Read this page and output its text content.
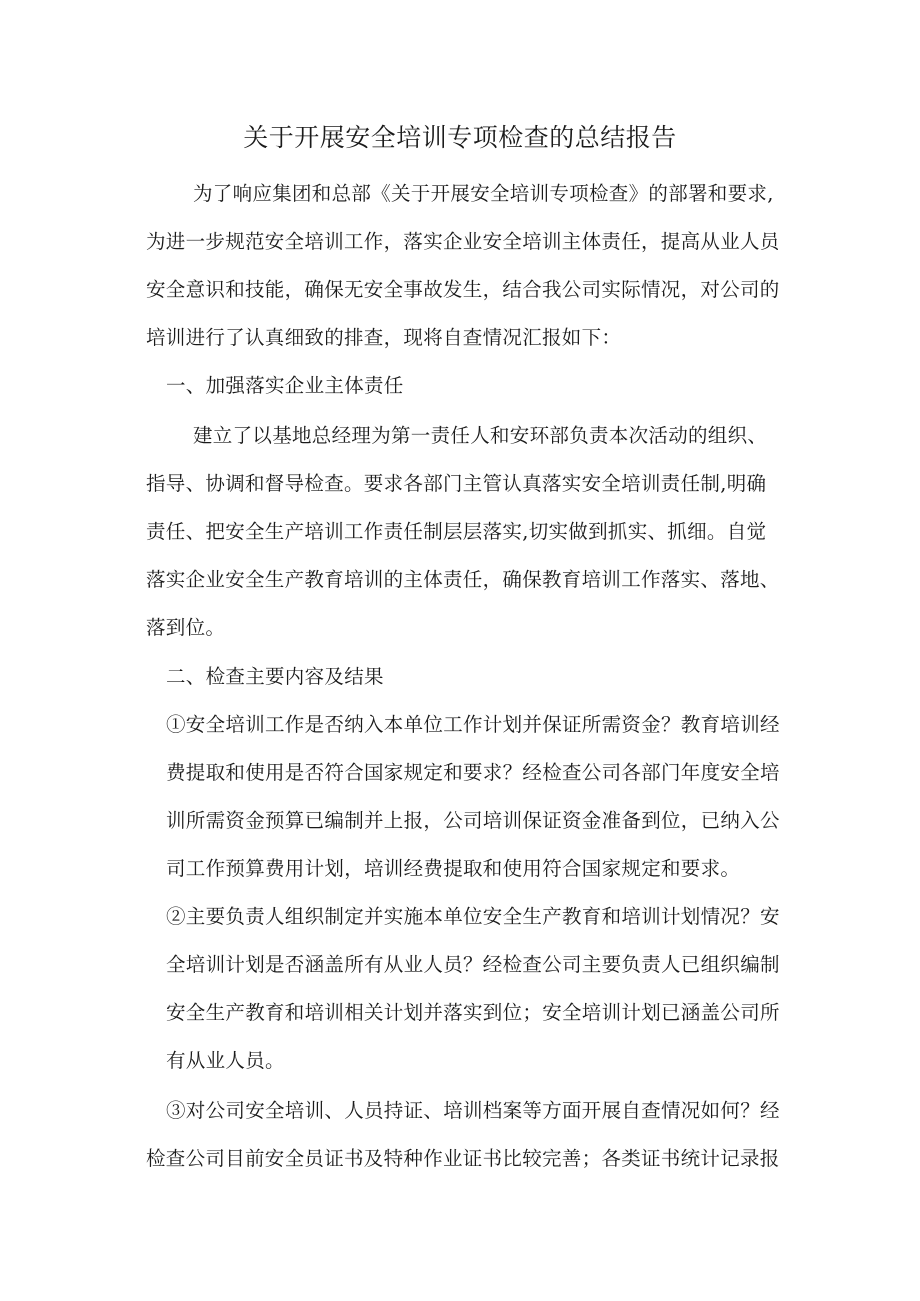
关于开展安全培训专项检查的总结报告

为了响应集团和总部《关于开展安全培训专项检查》的部署和要求,

为进一步规范安全培训工作，落实企业安全培训主体责任，提高从业人员

安全意识和技能，确保无安全事故发生，结合我公司实际情况，对公司的

培训进行了认真细致的排查，现将自查情况汇报如下：

一、加强落实企业主体责任

建立了以基地总经理为第一责任人和安环部负责本次活动的组织、

指导、协调和督导检查。要求各部门主管认真落实安全培训责任制,明确

责任、把安全生产培训工作责任制层层落实,切实做到抓实、抓细。自觉

落实企业安全生产教育培训的主体责任，确保教育培训工作落实、落地、

落到位。

二、检查主要内容及结果

①安全培训工作是否纳入本单位工作计划并保证所需资金？教育培训经

费提取和使用是否符合国家规定和要求？经检查公司各部门年度安全培

训所需资金预算已编制并上报，公司培训保证资金准备到位，已纳入公

司工作预算费用计划，培训经费提取和使用符合国家规定和要求。

②主要负责人组织制定并实施本单位安全生产教育和培训计划情况？安

全培训计划是否涵盖所有从业人员？经检查公司主要负责人已组织编制

安全生产教育和培训相关计划并落实到位；安全培训计划已涵盖公司所

有从业人员。

③对公司安全培训、人员持证、培训档案等方面开展自查情况如何？经

检查公司目前安全员证书及特种作业证书比较完善；各类证书统计记录报
